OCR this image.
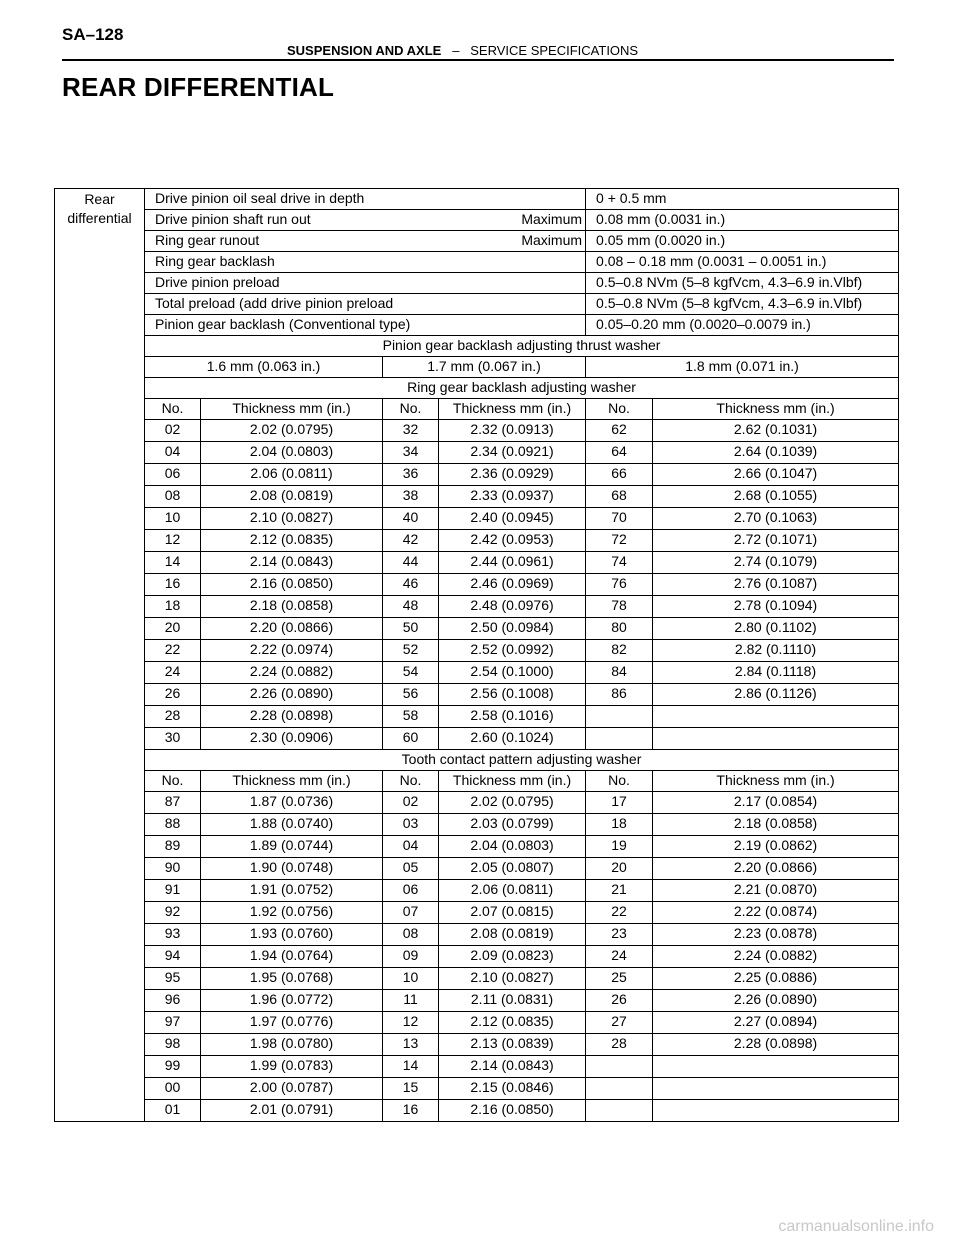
SA–128
SUSPENSION AND AXLE – SERVICE SPECIFICATIONS
REAR DIFFERENTIAL
Rear differential	Drive pinion oil seal drive in depth				0 + 0.5 mm	

	Drive pinion shaft run out Maximum				0.08 mm (0.0031 in.)	

	Ring gear runout Maximum				0.05 mm (0.0020 in.)	

	Ring gear backlash				0.08 – 0.18 mm (0.0031 – 0.0051 in.)	

	Drive pinion preload				0.5–0.8 NVm (5–8 kgfVcm, 4.3–6.9 in.Vlbf)	

	Total preload (add drive pinion preload				0.5–0.8 NVm (5–8 kgfVcm, 4.3–6.9 in.Vlbf)	

	Pinion gear backlash (Conventional type)				0.05–0.20 mm (0.0020–0.0079 in.)	
	Pinion gear backlash adjusting thrust washer					
	1.6 mm (0.063 in.)		1.7 mm (0.067 in.)		1.8 mm (0.071 in.)	
	Ring gear backlash adjusting washer					
	No.	Thickness mm (in.)	No.	Thickness mm (in.)	No.	Thickness mm (in.)
	02	2.02 (0.0795)	32	2.32 (0.0913)	62	2.62 (0.1031)
	04	2.04 (0.0803)	34	2.34 (0.0921)	64	2.64 (0.1039)
	06	2.06 (0.0811)	36	2.36 (0.0929)	66	2.66 (0.1047)
	08	2.08 (0.0819)	38	2.33 (0.0937)	68	2.68 (0.1055)
	10	2.10 (0.0827)	40	2.40 (0.0945)	70	2.70 (0.1063)
	12	2.12 (0.0835)	42	2.42 (0.0953)	72	2.72 (0.1071)
	14	2.14 (0.0843)	44	2.44 (0.0961)	74	2.74 (0.1079)
	16	2.16 (0.0850)	46	2.46 (0.0969)	76	2.76 (0.1087)
	18	2.18 (0.0858)	48	2.48 (0.0976)	78	2.78 (0.1094)
	20	2.20 (0.0866)	50	2.50 (0.0984)	80	2.80 (0.1102)
	22	2.22 (0.0974)	52	2.52 (0.0992)	82	2.82 (0.1110)
	24	2.24 (0.0882)	54	2.54 (0.1000)	84	2.84 (0.1118)
	26	2.26 (0.0890)	56	2.56 (0.1008)	86	2.86 (0.1126)
	28	2.28 (0.0898)	58	2.58 (0.1016)		
	30	2.30 (0.0906)	60	2.60 (0.1024)		
	Tooth contact pattern adjusting washer					
	No.	Thickness mm (in.)	No.	Thickness mm (in.)	No.	Thickness mm (in.)
	87	1.87 (0.0736)	02	2.02 (0.0795)	17	2.17 (0.0854)
	88	1.88 (0.0740)	03	2.03 (0.0799)	18	2.18 (0.0858)
	89	1.89 (0.0744)	04	2.04 (0.0803)	19	2.19 (0.0862)
	90	1.90 (0.0748)	05	2.05 (0.0807)	20	2.20 (0.0866)
	91	1.91 (0.0752)	06	2.06 (0.0811)	21	2.21 (0.0870)
	92	1.92 (0.0756)	07	2.07 (0.0815)	22	2.22 (0.0874)
	93	1.93 (0.0760)	08	2.08 (0.0819)	23	2.23 (0.0878)
	94	1.94 (0.0764)	09	2.09 (0.0823)	24	2.24 (0.0882)
	95	1.95 (0.0768)	10	2.10 (0.0827)	25	2.25 (0.0886)
	96	1.96 (0.0772)	11	2.11 (0.0831)	26	2.26 (0.0890)
	97	1.97 (0.0776)	12	2.12 (0.0835)	27	2.27 (0.0894)
	98	1.98 (0.0780)	13	2.13 (0.0839)	28	2.28 (0.0898)
	99	1.99 (0.0783)	14	2.14 (0.0843)		
	00	2.00 (0.0787)	15	2.15 (0.0846)		
	01	2.01 (0.0791)	16	2.16 (0.0850)		
carmanualsonline.info
